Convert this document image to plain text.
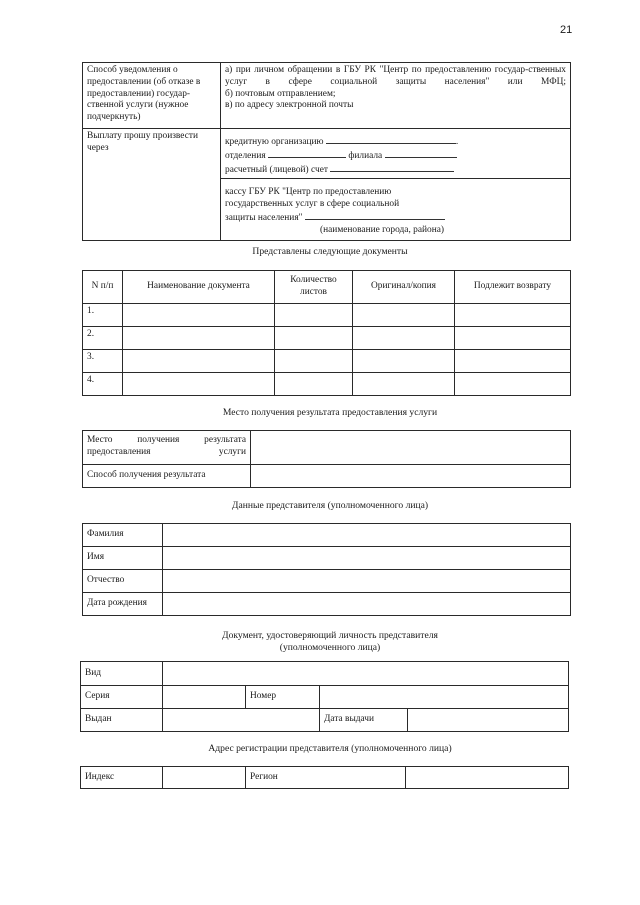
21
Способ уведомления о предоставлении (об отказе в предоставлении) государ-ственной услуги (нужное подчеркнуть)	а) при личном обращении в ГБУ РК "Центр по предоставлению государ-ственных услуг в сфере социальной защиты населения" или МФЦ;
б) почтовым отправлением;
в) по адресу электронной почты

Выплату прошу произвести через	кредитную организацию .
отделения филиала
расчетный (лицевой) счет

	кассу ГБУ РК "Центр по предоставлению
государственных услуг в сфере социальной
защиты населения"
(наименование города, района)
Представлены следующие документы
N п/п	Наименование документа	Количество листов	Оригинал/копия	Подлежит возврату
1.				
2.				
3.				
4.				
Место получения результата предоставления услуги
Место получения результата предоставления услуги	
Способ получения результата	
Данные представителя (уполномоченного лица)
Фамилия	
Имя	
Отчество	
Дата рождения	
Документ, удостоверяющий личность представителя
(уполномоченного лица)
Вид				
Серия		Номер		
Выдан			Дата выдачи	
Адрес регистрации представителя (уполномоченного лица)
Индекс		Регион	
